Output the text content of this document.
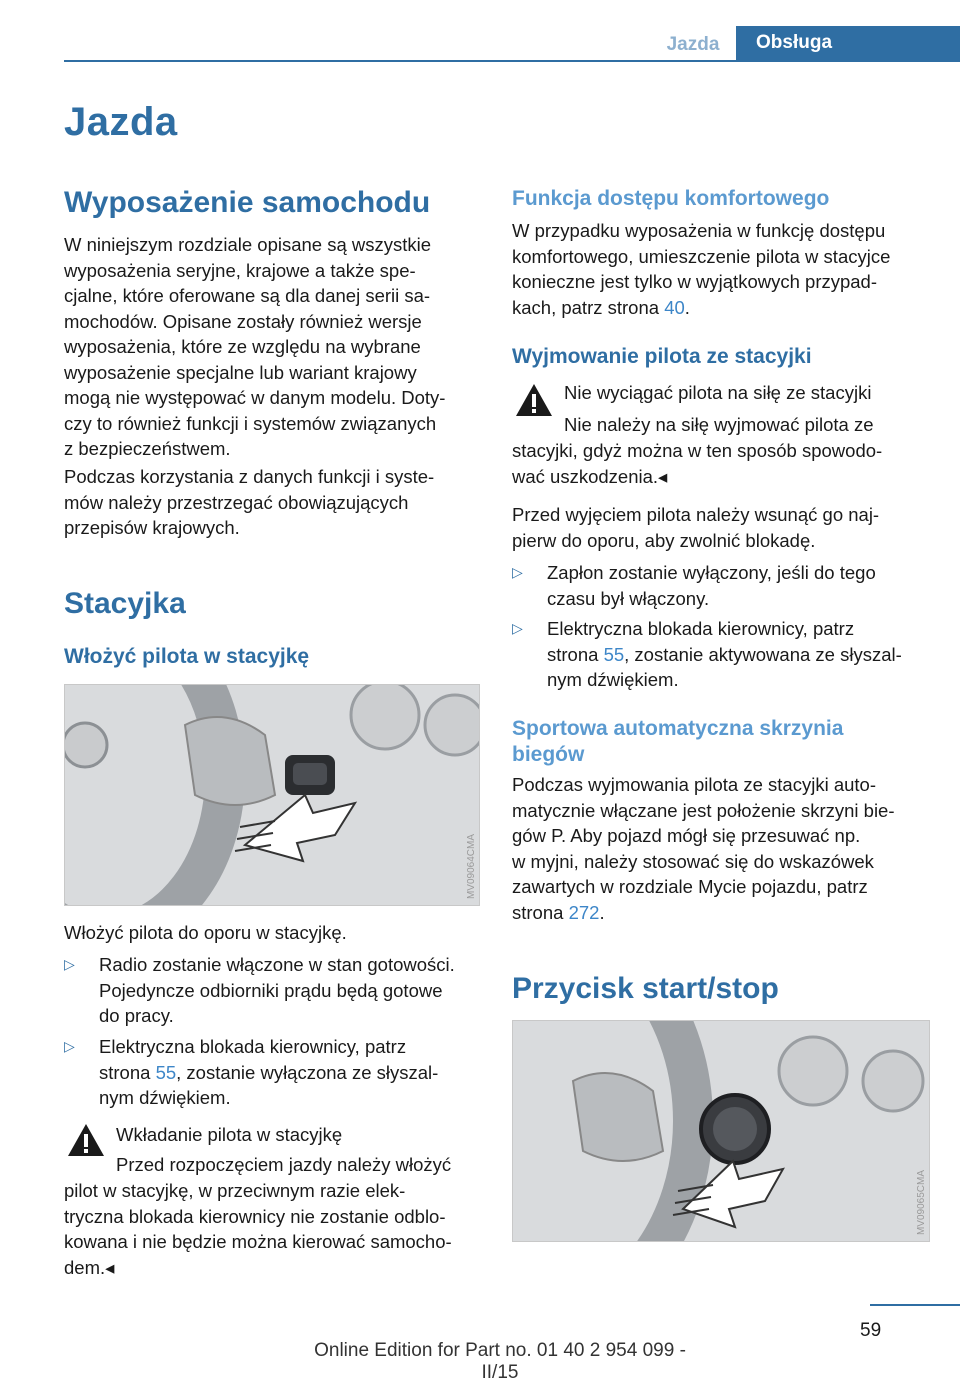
Jazda	Obsługa
Jazda
Wyposażenie samochodu

W niniejszym rozdziale opisane są wszystkie
wyposażenia seryjne, krajowe a także spe‐
cjalne, które oferowane są dla danej serii sa‐
mochodów. Opisane zostały również wersje
wyposażenia, które ze względu na wybrane
wyposażenie specjalne lub wariant krajowy
mogą nie występować w danym modelu. Doty‐
czy to również funkcji i systemów związanych
z bezpieczeństwem.

Podczas korzystania z danych funkcji i syste‐
mów należy przestrzegać obowiązujących
przepisów krajowych.

Stacyjka
Włożyć pilota w stacyjkę
MV09064CMA

Włożyć pilota do oporu w stacyjkę.

▷ Radio zostanie włączone w stan gotowości.
Pojedyncze odbiorniki prądu będą gotowe
do pracy.
▷ Elektryczna blokada kierownicy, patrz
strona 55, zostanie wyłączona ze słyszal‐
nym dźwiękiem.

Wkładanie pilota w stacyjkę

Przed rozpoczęciem jazdy należy włożyć

pilot w stacyjkę, w przeciwnym razie elek‐
tryczna blokada kierownicy nie zostanie odblo‐
kowana i nie będzie można kierować samocho‐
dem.◂

Funkcja dostępu komfortowego

W przypadku wyposażenia w funkcję dostępu
komfortowego, umieszczenie pilota w stacyjce
konieczne jest tylko w wyjątkowych przypad‐
kach, patrz strona 40.

Wyjmowanie pilota ze stacyjki

Nie wyciągać pilota na siłę ze stacyjki

Nie należy na siłę wyjmować pilota ze

stacyjki, gdyż można w ten sposób spowodo‐
wać uszkodzenia.◂

Przed wyjęciem pilota należy wsunąć go naj‐
pierw do oporu, aby zwolnić blokadę.

▷ Zapłon zostanie wyłączony, jeśli do tego
czasu był włączony.
▷ Elektryczna blokada kierownicy, patrz
strona 55, zostanie aktywowana ze słyszal‐
nym dźwiękiem.
Sportowa automatyczna skrzynia
biegów

Podczas wyjmowania pilota ze stacyjki auto‐
matycznie włączane jest położenie skrzyni bie‐
gów P. Aby pojazd mógł się przesuwać np.
w myjni, należy stosować się do wskazówek
zawartych w rozdziale Mycie pojazdu, patrz
strona 272.

Przycisk start/stop
MV09065CMA
59
Online Edition for Part no. 01 40 2 954 099 - II/15
